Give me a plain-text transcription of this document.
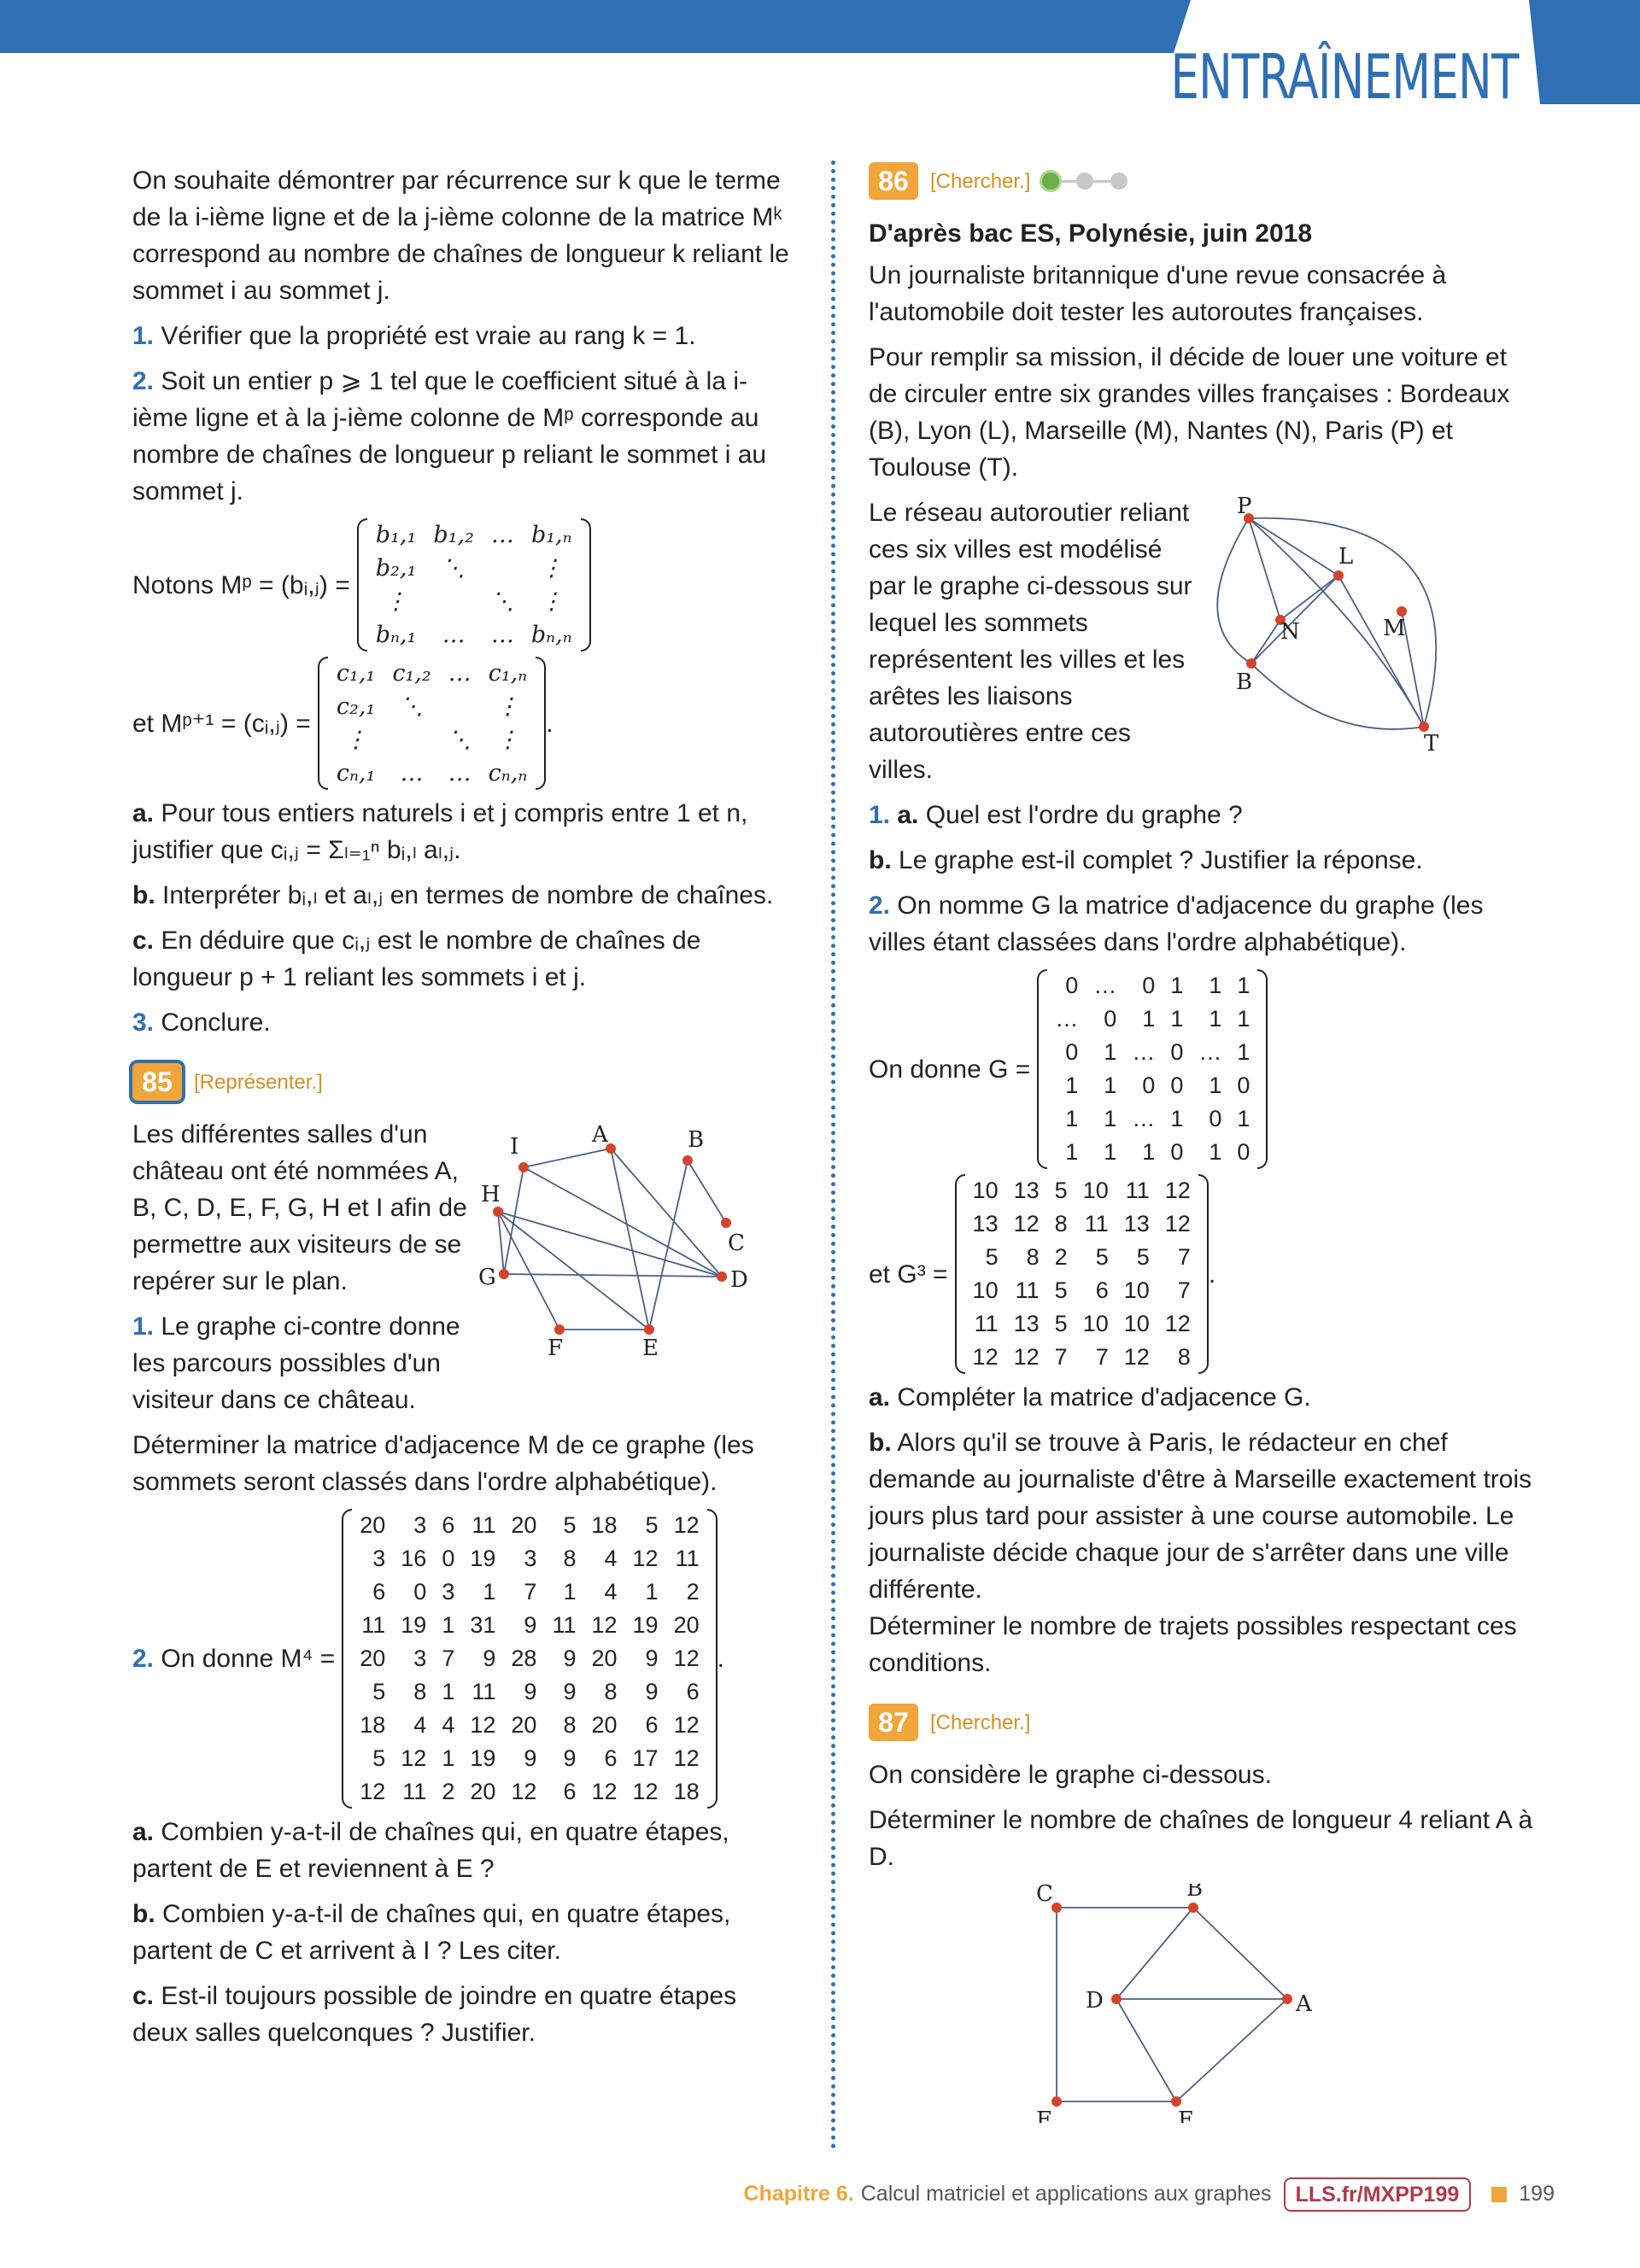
ENTRAÎNEMENT

On souhaite démontrer par récurrence sur k que le terme de la i-ième ligne et de la j-ième colonne de la matrice Mᵏ correspond au nombre de chaînes de longueur k reliant le sommet i au sommet j.

1. Vérifier que la propriété est vraie au rang k = 1.

2. Soit un entier p ⩾ 1 tel que le coefficient situé à la i-ième ligne et à la j-ième colonne de Mᵖ corresponde au nombre de chaînes de longueur p reliant le sommet i au sommet j.

Notons Mᵖ = (bᵢ,ⱼ) =
b₁,₁	b₁,₂	…	b₁,ₙ
b₂,₁	⋱		⋮
⋮		⋱	⋮
bₙ,₁	…	…	bₙ,ₙ
et Mᵖ⁺¹ = (cᵢ,ⱼ) =
c₁,₁	c₁,₂	…	c₁,ₙ
c₂,₁	⋱		⋮
⋮		⋱	⋮
cₙ,₁	…	…	cₙ,ₙ
.

a. Pour tous entiers naturels i et j compris entre 1 et n, justifier que cᵢ,ⱼ = Σₗ₌₁ⁿ bᵢ,ₗ aₗ,ⱼ.

b. Interpréter bᵢ,ₗ et aₗ,ⱼ en termes de nombre de chaînes.

c. En déduire que cᵢ,ⱼ est le nombre de chaînes de longueur p + 1 reliant les sommets i et j.

3. Conclure.

85	[Représenter.]

Les différentes salles d'un château ont été nommées A, B, C, D, E, F, G, H et I afin de permettre aux visiteurs de se repérer sur le plan.

1. Le graphe ci-contre donne les parcours possibles d'un visiteur dans ce château.

A	B
C
D
E
F
G
H
I

Déterminer la matrice d'adjacence M de ce graphe (les sommets seront classés dans l'ordre alphabétique).

2. On donne M⁴ =
20	3	6	11	20	5	18	5	12
3	16	0	19	3	8	4	12	11
6	0	3	1	7	1	4	1	2
11	19	1	31	9	11	12	19	20
20	3	7	9	28	9	20	9	12
5	8	1	11	9	9	8	9	6
18	4	4	12	20	8	20	6	12
5	12	1	19	9	9	6	17	12
12	11	2	20	12	6	12	12	18
.

a. Combien y-a-t-il de chaînes qui, en quatre étapes, partent de E et reviennent à E ?

b. Combien y-a-t-il de chaînes qui, en quatre étapes, partent de C et arrivent à I ? Les citer.

c. Est-il toujours possible de joindre en quatre étapes deux salles quelconques ? Justifier.

86	[Chercher.]

D'après bac ES, Polynésie, juin 2018

Un journaliste britannique d'une revue consacrée à l'automobile doit tester les autoroutes françaises.

Pour remplir sa mission, il décide de louer une voiture et de circuler entre six grandes villes françaises : Bordeaux (B), Lyon (L), Marseille (M), Nantes (N), Paris (P) et Toulouse (T).

Le réseau autoroutier reliant ces six villes est modélisé par le graphe ci-dessous sur lequel les sommets représentent les villes et les arêtes les liaisons autoroutières entre ces villes.

P
L
N	M
B
T

1. a. Quel est l'ordre du graphe ?

b. Le graphe est-il complet ? Justifier la réponse.

2. On nomme G la matrice d'adjacence du graphe (les villes étant classées dans l'ordre alphabétique).

On donne G =
0	…	0	1	1	1
…	0	1	1	1	1
0	1	…	0	…	1
1	1	0	0	1	0
1	1	…	1	0	1
1	1	1	0	1	0
et G³ =
10	13	5	10	11	12
13	12	8	11	13	12
5	8	2	5	5	7
10	11	5	6	10	7
11	13	5	10	10	12
12	12	7	7	12	8
.

a. Compléter la matrice d'adjacence G.

b. Alors qu'il se trouve à Paris, le rédacteur en chef demande au journaliste d'être à Marseille exactement trois jours plus tard pour assister à une course automobile. Le journaliste décide chaque jour de s'arrêter dans une ville différente.

Déterminer le nombre de trajets possibles respectant ces conditions.

87	[Chercher.]

On considère le graphe ci-dessous.

Déterminer le nombre de chaînes de longueur 4 reliant A à D.

C	B
D	A
F	E
Chapitre 6. Calcul matriciel et applications aux graphes	LLS.fr/MXPP199	199
